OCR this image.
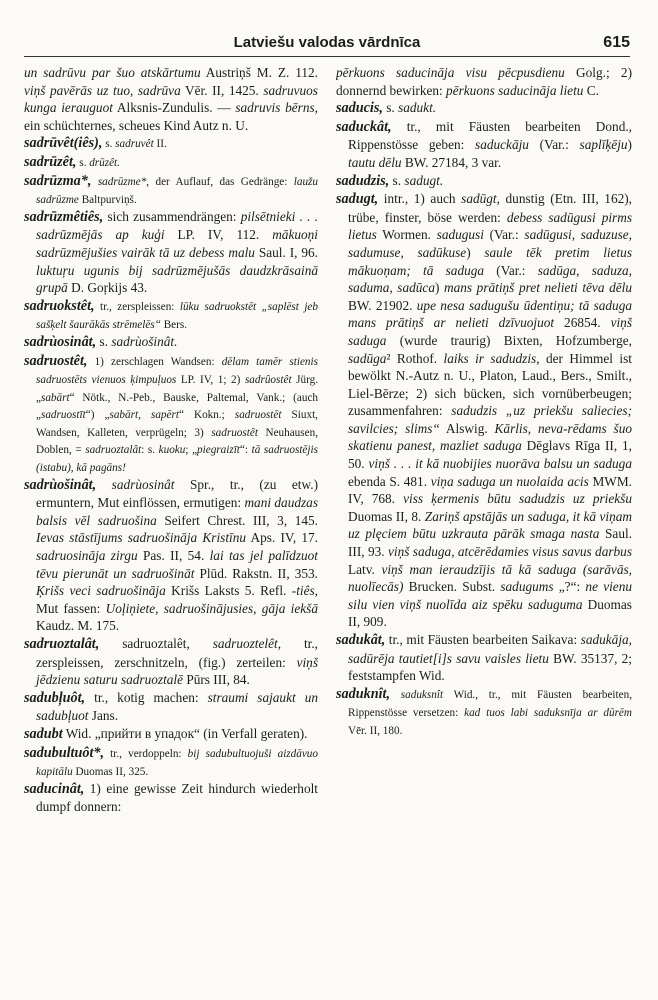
Latviešu valodas vārdnīca	615

un sadrūvu par šuo atskārtumu Austriņš M. Z. 112. viņš pavērās uz tuo, sadrūva Vēr. II, 1425. sadruvuos kunga ierauguot Alksnis-Zundulis. — sadruvis bērns, ein schüchternes, scheues Kind Autz n. U.

sadrūvêt(iês), s. sadruvêt II.

sadrūzêt, s. drūzêt.

sadrūzma*, sadrūzme*, der Auflauf, das Gedränge: laužu sadrūzme Baltpurviņš.

sadrūzmêtiês, sich zusammendrängen: pilsētnieki . . . sadrūzmējās ap kuģi LP. IV, 112. mākuoņi sadrūzmējušies vairāk tā uz debess malu Saul. I, 96. luktuŗu ugunis bij sadrūzmējušās daudzkrāsainā grupā D. Goŗkijs 43.

sadruokstêt, tr., zerspleissen: lūku sadruokstēt „saplēst jeb sašķelt šaurākās strēmelēs“ Bers.

sadrùosinât, s. sadrùošinât.

sadruostêt, 1) zerschlagen Wandsen: dēlam tamēr stienis sadruostēts vienuos ķimpuļuos LP. IV, 1; 2) sadrûostêt Jürg. „sabārt“ Nötk., N.-Peb., Bauske, Paltemal, Vank.; (auch „sadruostīt“) „sabārt, sapērt“ Kokn.; sadruostēt Siuxt, Wandsen, Kalleten, verprügeln; 3) sadruostêt Neuhausen, Doblen, = sadruoztalât: s. kuoku; „piegraizīt“: tā sadruostējis (istabu), kā pagāns!

sadrùošinât, sadrùosinât Spr., tr., (zu etw.) ermuntern, Mut einflössen, ermutigen: mani daudzas balsis vēl sadruošina Seifert Chrest. III, 3, 145. Ievas stāstījums sadruošināja Kristīnu Aps. IV, 17. sadruosināja zirgu Pas. II, 54. lai tas jel palīdzuot tēvu pierunāt un sadruošināt Plūd. Rakstn. II, 353. Ķrišs veci sadruošināja Krišs Laksts 5. Refl. -tiês, Mut fassen: Uoļiņiete, sadruošinājusies, gāja iekšā Kaudz. M. 175.

sadruoztalât, sadruoztalêt, sadruoztelêt, tr., zerspleissen, zerschnitzeln, (fig.) zerteilen: viņš jēdzienu saturu sadruoztalē Pūrs III, 84.

sadubļuôt, tr., kotig machen: straumi sajaukt un sadubļuot Jans.

sadubt Wid. „прийти в упадок“ (in Verfall geraten).

sadubultuôt*, tr., verdoppeln: bij sadubultuojuši aizdāvuo kapitālu Duomas II, 325.

saducinât, 1) eine gewisse Zeit hindurch wiederholt dumpf donnern:

pērkuons saducināja visu pēcpusdienu Golg.; 2) donnernd bewirken: pērkuons saducināja lietu C.

saducis, s. sadukt.

saduckât, tr., mit Fäusten bearbeiten Dond., Rippenstösse geben: saduckāju (Var.: saplīķēju) tautu dēlu BW. 27184, 3 var.

sadudzis, s. sadugt.

sadugt, intr., 1) auch sadūgt, dunstig (Etn. III, 162), trübe, finster, böse werden: debess sadūgusi pirms lietus Wormen. sadugusi (Var.: sadūgusi, saduzuse, sadumuse, sadūkuse) saule tēk pretim lietus mākuoņam; tā saduga (Var.: sadūga, saduza, saduma, sadūca) mans prātiņš pret nelieti tēva dēlu BW. 21902. upe nesa sadugušu ūdentiņu; tā saduga mans prātiņš ar nelieti dzīvuojuot 26854. viņš saduga (wurde traurig) Bixten, Hofzumberge, sadūga² Rothof. laiks ir sadudzis, der Himmel ist bewölkt N.-Autz n. U., Platon, Laud., Bers., Smilt., Liel-Bērze; 2) sich bücken, sich vornüberbeugen; zusammenfahren: sadudzis „uz priekšu saliecies; savilcies; slims“ Alswig. Kārlis, neva-rēdams šuo skatienu panest, mazliet saduga Dēglavs Rīga II, 1, 50. viņš . . . it kā nuobijies nuorāva balsu un saduga ebenda S. 481. viņa saduga un nuolaida acis MWM. IV, 768. viss ķermenis būtu sadudzis uz priekšu Duomas II, 8. Zariņš apstājās un saduga, it kā viņam uz plęciem būtu uzkrauta pārāk smaga nasta Saul. III, 93. viņš saduga, atcērēdamies visus savus darbus Latv. viņš man ieraudzījis tā kā saduga (sarāvās, nuolīecās) Brucken. Subst. sadugums „?“: ne vienu silu vien viņš nuolīda aiz spēku saduguma Duomas II, 909.

sadukât, tr., mit Fäusten bearbeiten Saikava: sadukāja, sadūrēja tautiet[i]s savu vaisles lietu BW. 35137, 2; feststampfen Wid.

saduknît, saduksnît Wid., tr., mit Fäusten bearbeiten, Rippenstösse versetzen: kad tuos labi saduksnīja ar dūrēm Vēr. II, 180.
